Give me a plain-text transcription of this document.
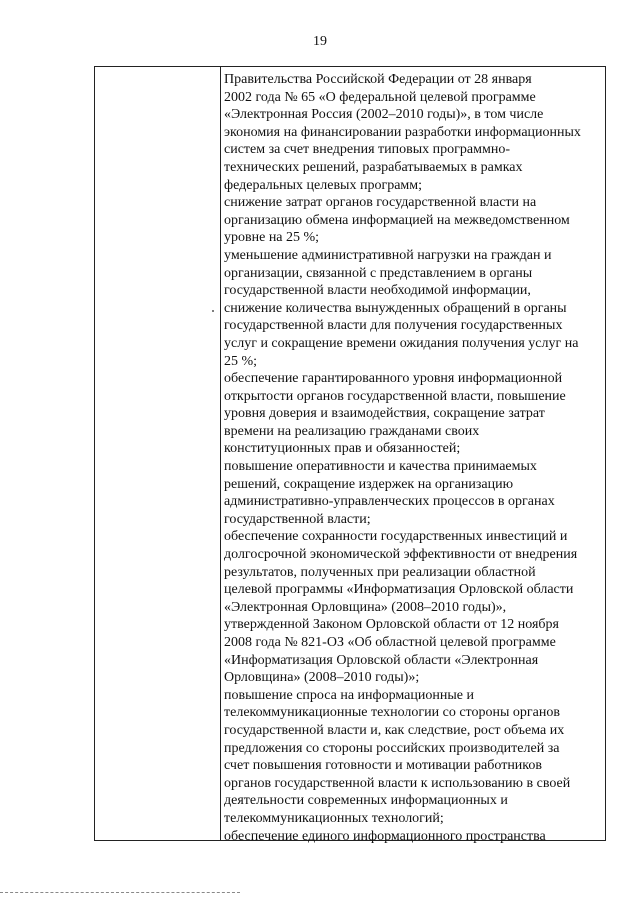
19
Правительства Российской Федерации от 28 января
2002 года № 65 «О федеральной целевой программе
«Электронная Россия (2002–2010 годы)», в том числе
экономия на финансировании разработки информационных
систем за счет внедрения типовых программно-
технических решений, разрабатываемых в рамках
федеральных целевых программ;
снижение затрат органов государственной власти на
организацию обмена информацией на межведомственном
уровне на 25 %;
уменьшение административной нагрузки на граждан и
организации, связанной с представлением в органы
государственной власти необходимой информации,
снижение количества вынужденных обращений в органы
государственной власти для получения государственных
услуг и сокращение времени ожидания получения услуг на
25 %;
обеспечение гарантированного уровня информационной
открытости органов государственной власти, повышение
уровня доверия и взаимодействия, сокращение затрат
времени на реализацию гражданами своих
конституционных прав и обязанностей;
повышение оперативности и качества принимаемых
решений, сокращение издержек на организацию
административно-управленческих процессов в органах
государственной власти;
обеспечение сохранности государственных инвестиций и
долгосрочной экономической эффективности от внедрения
результатов, полученных при реализации областной
целевой программы «Информатизация Орловской области
«Электронная Орловщина» (2008–2010 годы)»,
утвержденной Законом Орловской области от 12 ноября
2008 года № 821-ОЗ «Об областной целевой программе
«Информатизация Орловской области «Электронная
Орловщина» (2008–2010 годы)»;
повышение спроса на информационные и
телекоммуникационные технологии со стороны органов
государственной власти и, как следствие, рост объема их
предложения со стороны российских производителей за
счет повышения готовности и мотивации работников
органов государственной власти к использованию в своей
деятельности современных информационных и
телекоммуникационных технологий;
обеспечение единого информационного пространства
